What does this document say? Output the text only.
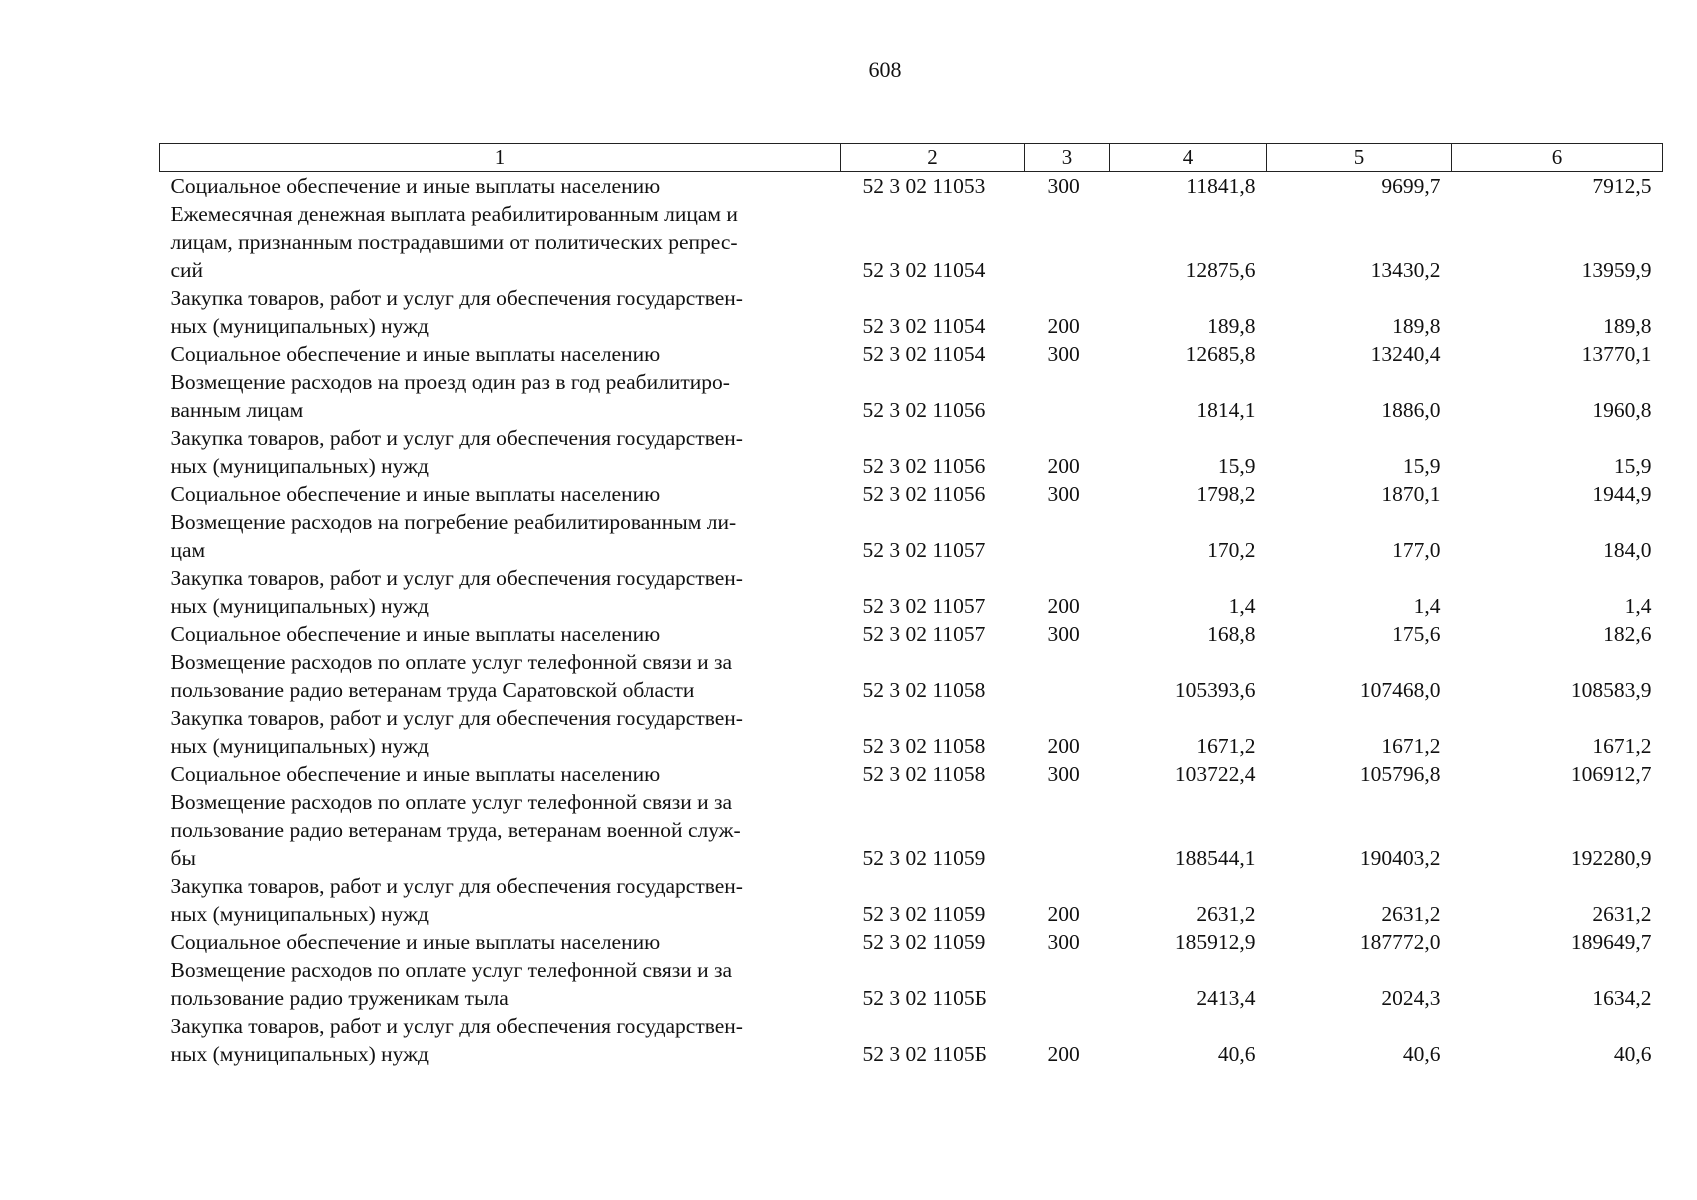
608
1	2	3	4	5	6

Социальное обеспечение и иные выплаты населению	52 3 02 11053	300	11841,8	9699,7	7912,5

Ежемесячная денежная выплата реабилитированным лицам и
лицам, признанным пострадавшими от политических репрес-
сий	52 3 02 11054		12875,6	13430,2	13959,9

Закупка товаров, работ и услуг для обеспечения государствен-
ных (муниципальных) нужд	52 3 02 11054	200	189,8	189,8	189,8

Социальное обеспечение и иные выплаты населению	52 3 02 11054	300	12685,8	13240,4	13770,1

Возмещение расходов на проезд один раз в год реабилитиро-
ванным лицам	52 3 02 11056		1814,1	1886,0	1960,8

Закупка товаров, работ и услуг для обеспечения государствен-
ных (муниципальных) нужд	52 3 02 11056	200	15,9	15,9	15,9

Социальное обеспечение и иные выплаты населению	52 3 02 11056	300	1798,2	1870,1	1944,9

Возмещение расходов на погребение реабилитированным ли-
цам	52 3 02 11057		170,2	177,0	184,0

Закупка товаров, работ и услуг для обеспечения государствен-
ных (муниципальных) нужд	52 3 02 11057	200	1,4	1,4	1,4

Социальное обеспечение и иные выплаты населению	52 3 02 11057	300	168,8	175,6	182,6

Возмещение расходов по оплате услуг телефонной связи и за
пользование радио ветеранам труда Саратовской области	52 3 02 11058		105393,6	107468,0	108583,9

Закупка товаров, работ и услуг для обеспечения государствен-
ных (муниципальных) нужд	52 3 02 11058	200	1671,2	1671,2	1671,2

Социальное обеспечение и иные выплаты населению	52 3 02 11058	300	103722,4	105796,8	106912,7

Возмещение расходов по оплате услуг телефонной связи и за
пользование радио ветеранам труда, ветеранам военной служ-
бы	52 3 02 11059		188544,1	190403,2	192280,9

Закупка товаров, работ и услуг для обеспечения государствен-
ных (муниципальных) нужд	52 3 02 11059	200	2631,2	2631,2	2631,2

Социальное обеспечение и иные выплаты населению	52 3 02 11059	300	185912,9	187772,0	189649,7

Возмещение расходов по оплате услуг телефонной связи и за
пользование радио труженикам тыла	52 3 02 1105Б		2413,4	2024,3	1634,2

Закупка товаров, работ и услуг для обеспечения государствен-
ных (муниципальных) нужд	52 3 02 1105Б	200	40,6	40,6	40,6
